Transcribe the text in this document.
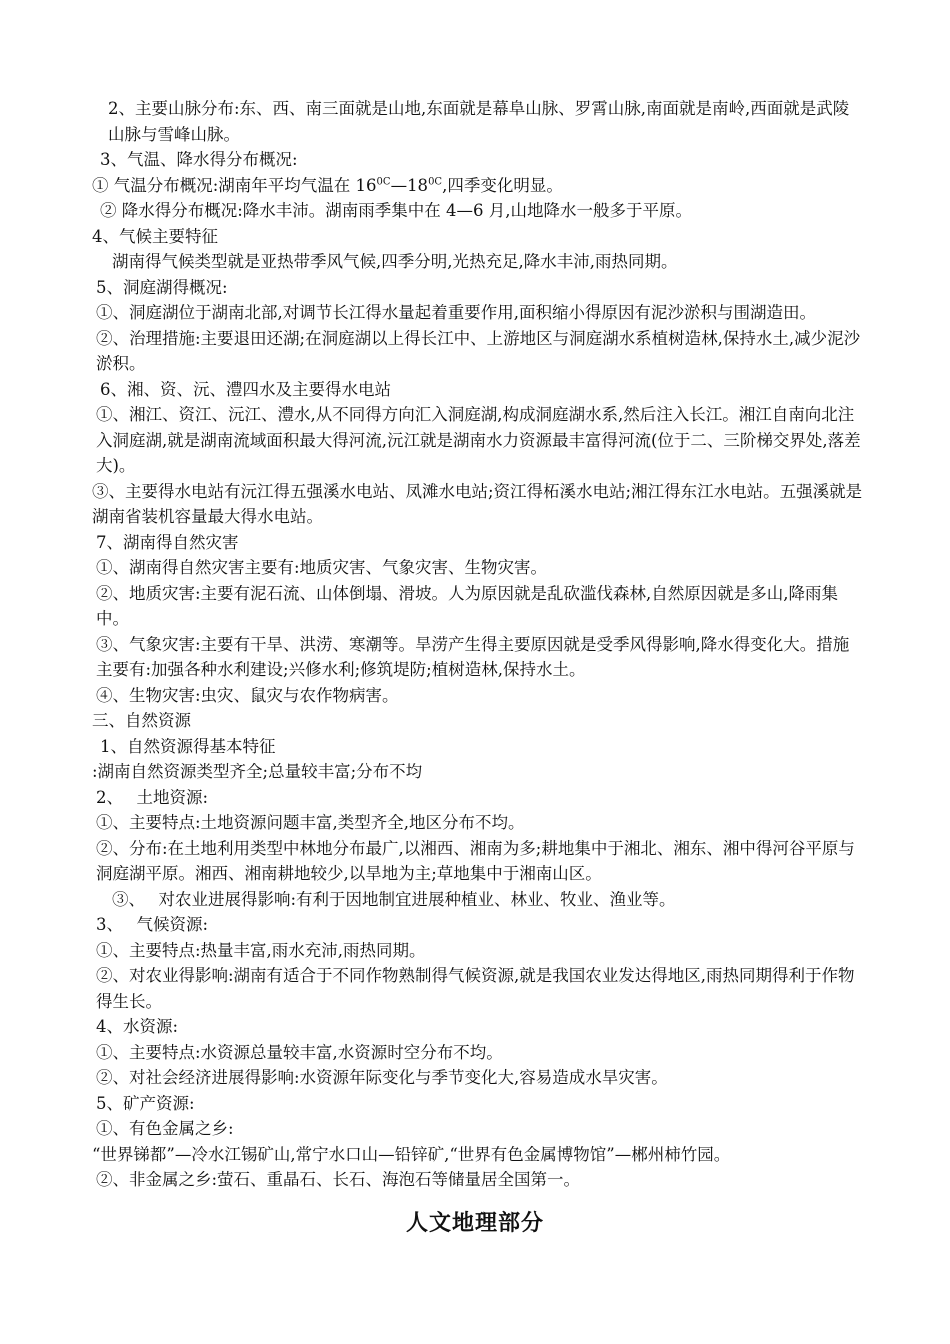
2、主要山脉分布:东、西、南三面就是山地,东面就是幕阜山脉、罗霄山脉,南面就是南岭,西面就是武陵山脉与雪峰山脉。

3、气温、降水得分布概况:

① 气温分布概况:湖南年平均气温在 $16^{0C}—18^{0C}$,四季变化明显。

② 降水得分布概况:降水丰沛。湖南雨季集中在 4—6 月,山地降水一般多于平原。

4、气候主要特征

湖南得气候类型就是亚热带季风气候,四季分明,光热充足,降水丰沛,雨热同期。

5、洞庭湖得概况:

①、洞庭湖位于湖南北部,对调节长江得水量起着重要作用,面积缩小得原因有泥沙淤积与围湖造田。

②、治理措施:主要退田还湖;在洞庭湖以上得长江中、上游地区与洞庭湖水系植树造林,保持水土,减少泥沙淤积。

6、湘、资、沅、澧四水及主要得水电站

①、湘江、资江、沅江、澧水,从不同得方向汇入洞庭湖,构成洞庭湖水系,然后注入长江。湘江自南向北注入洞庭湖,就是湖南流域面积最大得河流,沅江就是湖南水力资源最丰富得河流(位于二、三阶梯交界处,落差大)。

③、主要得水电站有沅江得五强溪水电站、凤滩水电站;资江得柘溪水电站;湘江得东江水电站。五强溪就是湖南省装机容量最大得水电站。

7、湖南得自然灾害

①、湖南得自然灾害主要有:地质灾害、气象灾害、生物灾害。

②、地质灾害:主要有泥石流、山体倒塌、滑坡。人为原因就是乱砍滥伐森林,自然原因就是多山,降雨集中。

③、气象灾害:主要有干旱、洪涝、寒潮等。旱涝产生得主要原因就是受季风得影响,降水得变化大。措施主要有:加强各种水利建设;兴修水利;修筑堤防;植树造林,保持水土。

④、生物灾害:虫灾、鼠灾与农作物病害。

三、自然资源

1、自然资源得基本特征

:湖南自然资源类型齐全;总量较丰富;分布不均

2、　 土地资源:

①、主要特点:土地资源问题丰富,类型齐全,地区分布不均。

②、分布:在土地利用类型中林地分布最广,以湘西、湘南为多;耕地集中于湘北、湘东、湘中得河谷平原与洞庭湖平原。湘西、湘南耕地较少,以旱地为主;草地集中于湘南山区。

③、　 对农业进展得影响:有利于因地制宜进展种植业、林业、牧业、渔业等。

3、　 气候资源:

①、主要特点:热量丰富,雨水充沛,雨热同期。

②、对农业得影响:湖南有适合于不同作物熟制得气候资源,就是我国农业发达得地区,雨热同期得利于作物得生长。

4、水资源:

①、主要特点:水资源总量较丰富,水资源时空分布不均。

②、对社会经济进展得影响:水资源年际变化与季节变化大,容易造成水旱灾害。

5、矿产资源:

①、有色金属之乡:

“世界锑都”—冷水江锡矿山,常宁水口山—铅锌矿,“世界有色金属博物馆”—郴州柿竹园。

②、非金属之乡:萤石、重晶石、长石、海泡石等储量居全国第一。

人文地理部分
